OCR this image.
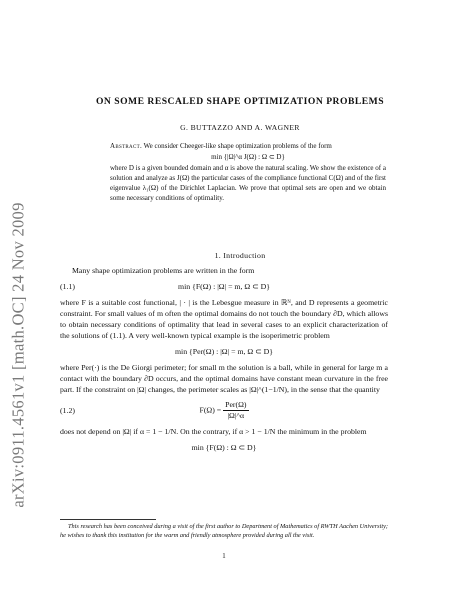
arXiv:0911.4561v1 [math.OC] 24 Nov 2009
ON SOME RESCALED SHAPE OPTIMIZATION PROBLEMS
G. BUTTAZZO AND A. WAGNER
Abstract. We consider Cheeger-like shape optimization problems of the form
min {|Ω|^α J(Ω) : Ω ⊂ D}
where D is a given bounded domain and α is above the natural scaling. We show the existence of a solution and analyze as J(Ω) the particular cases of the compliance functional C(Ω) and of the first eigenvalue λ₁(Ω) of the Dirichlet Laplacian. We prove that optimal sets are open and we obtain some necessary conditions of optimality.
1. Introduction

Many shape optimization problems are written in the form

(1.1)	min {F(Ω) : |Ω| = m, Ω ⊂ D}

where F is a suitable cost functional, | · | is the Lebesgue measure in ℝᴺ, and D represents a geometric constraint. For small values of m often the optimal domains do not touch the boundary ∂D, which allows to obtain necessary conditions of optimality that lead in several cases to an explicit characterization of the solutions of (1.1). A very well-known typical example is the isoperimetric problem

min {Per(Ω) : |Ω| = m, Ω ⊂ D}

where Per(·) is the De Giorgi perimeter; for small m the solution is a ball, while in general for large m a contact with the boundary ∂D occurs, and the optimal domains have constant mean curvature in the free part. If the constraint on |Ω| changes, the perimeter scales as |Ω|^(1−1/N), in the sense that the quantity

(1.2)	$F(\Omega) = \frac{\text{Per(Ω)}}{|\Omega|\^{}\alpha}$

does not depend on |Ω| if α = 1 − 1/N. On the contrary, if α > 1 − 1/N the minimum in the problem

min {F(Ω) : Ω ⊂ D}
This research has been conceived during a visit of the first author to Department of Mathematics of RWTH Aachen University; he wishes to thank this institution for the warm and friendly atmosphere provided during all the visit.
1
